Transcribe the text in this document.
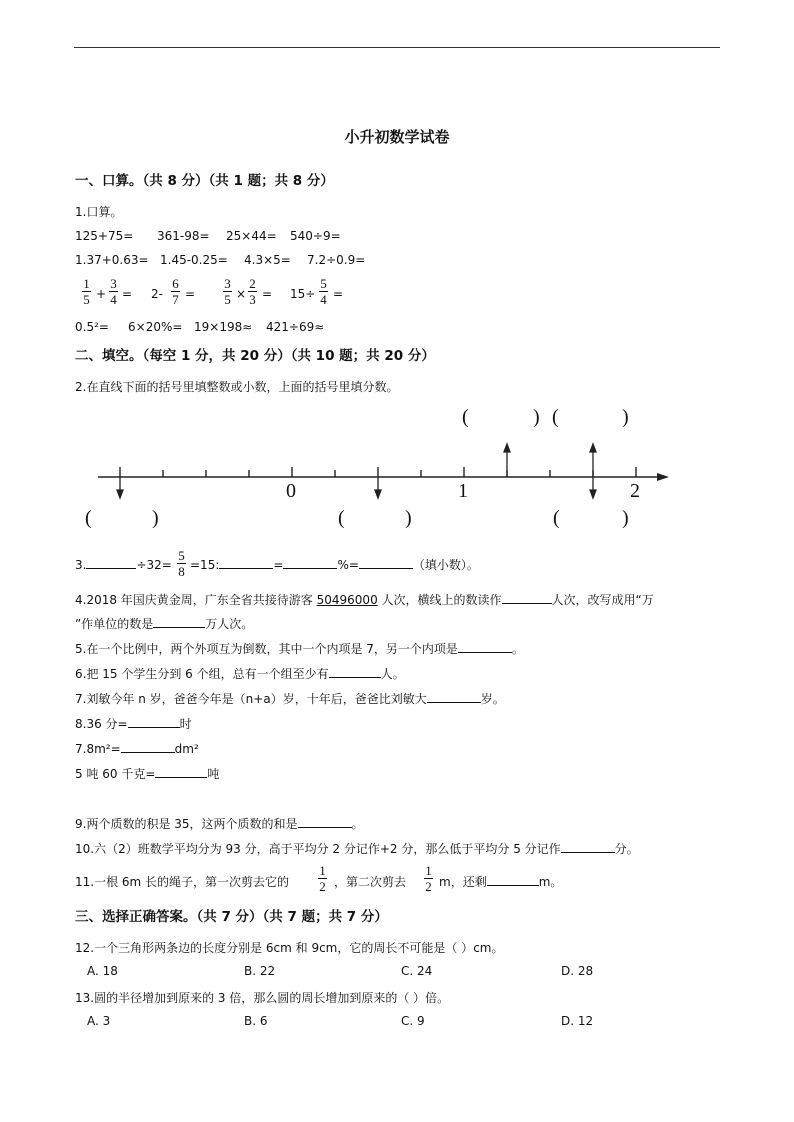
小升初数学试卷
一、口算。（共 8 分）（共 1 题；共 8 分）
1.口算。
125+75= 361-98= 25×44= 540÷9=
1.37+0.63= 1.45-0.25= 4.3×5= 7.2÷0.9=
1
5 +
3
4 = 2-
6
7 =
3
5 ×
2
3 = 15÷
5
4 =
0.5²= 6×20%= 19×198≈ 421÷69≈
二、填空。（每空 1 分，共 20 分）（共 10 题；共 20 分）
2.在直线下面的括号里填整数或小数，上面的括号里填分数。
0	1	2
(	) (	)
(	)	(	)	(	)
3.	÷32=
5
8 =15:	=	%=	（填小数）。
4.2018 年国庆黄金周，广东全省共接待游客 50496000 人次，横线上的数读作	人次，改写成用“万
”作单位的数是	万人次。
5.在一个比例中，两个外项互为倒数，其中一个内项是 7，另一个内项是	。
6.把 15 个学生分到 6 个组，总有一个组至少有	人。
7.刘敏今年 n 岁，爸爸今年是（n+a）岁，十年后，爸爸比刘敏大	岁。
8.36 分=	时
7.8m²=	dm²
5 吨 60 千克=	吨
9.两个质数的积是 35，这两个质数的和是	。
10.六（2）班数学平均分为 93 分，高于平均分 2 分记作+2 分，那么低于平均分 5 分记作	分。
11.一根 6m 长的绳子，第一次剪去它的
1
2 ，第二次剪去
1
2 m，还剩	m。
三、选择正确答案。（共 7 分）（共 7 题；共 7 分）
12.一个三角形两条边的长度分别是 6cm 和 9cm，它的周长不可能是（ ）cm。
A. 18	B. 22	C. 24	D. 28
13.圆的半径增加到原来的 3 倍，那么圆的周长增加到原来的（ ）倍。
A. 3	B. 6	C. 9	D. 12
